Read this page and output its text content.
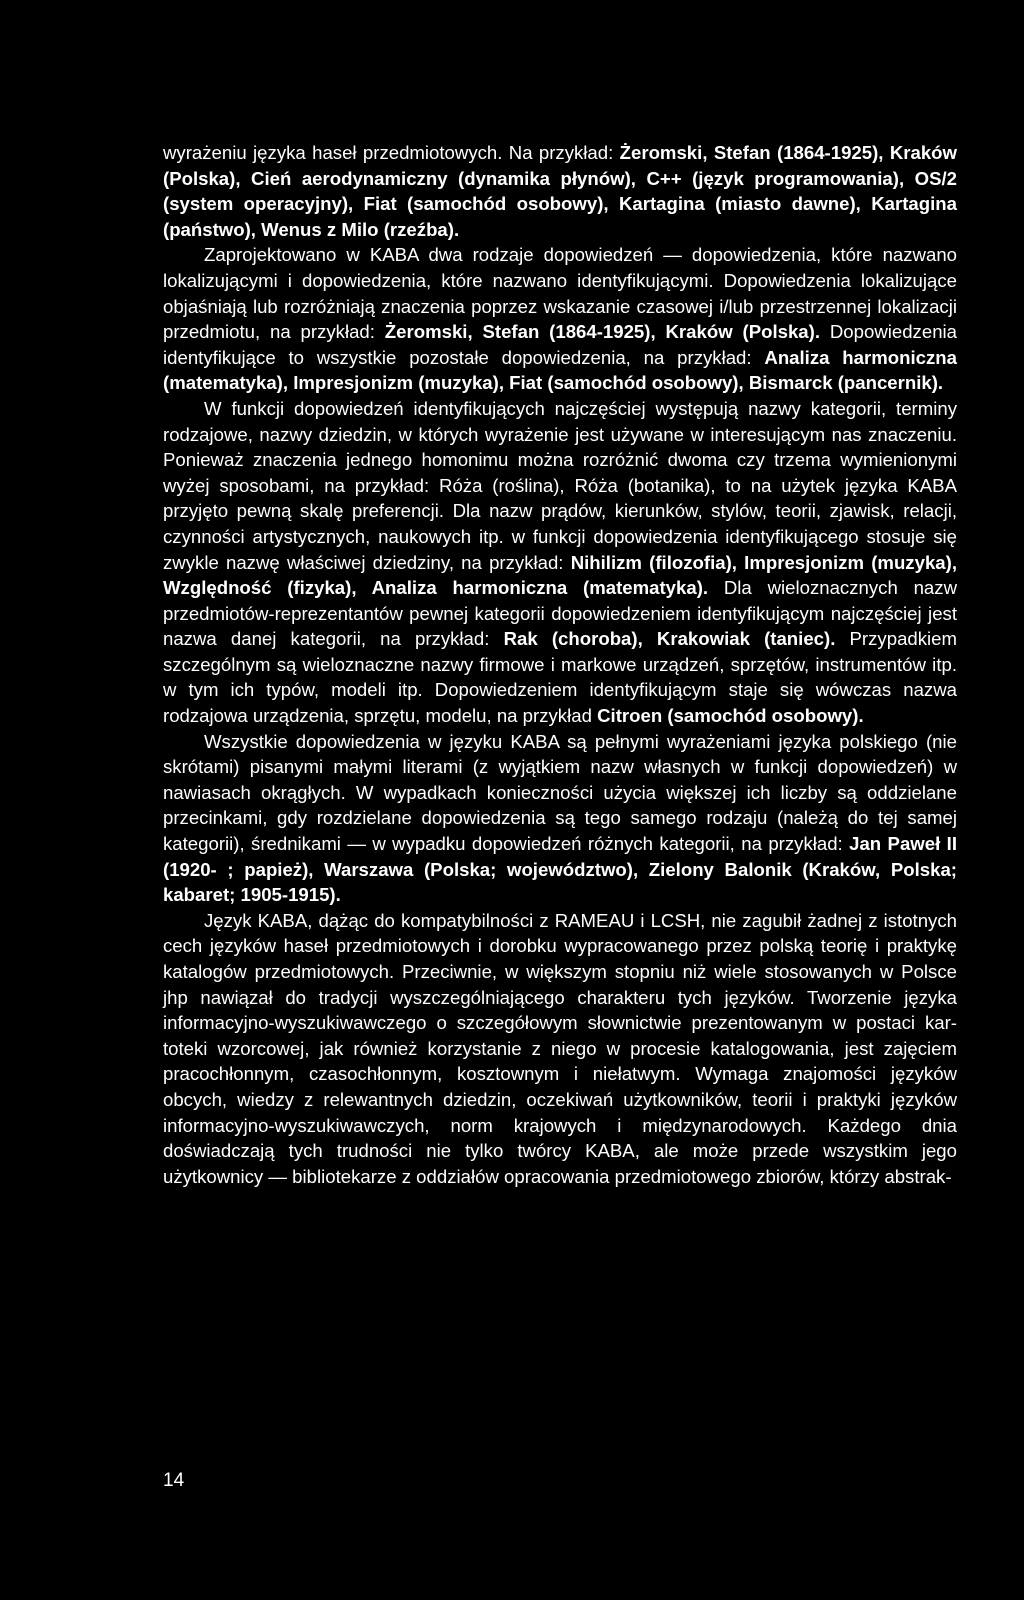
wyrażeniu języka haseł przedmiotowych. Na przykład: Żeromski, Stefan (1864-1925), Kraków (Polska), Cień aerodynamiczny (dynamika płynów), C++ (język programowania), OS/2 (system operacyjny), Fiat (samochód osobowy), Kartagina (miasto dawne), Kartagina (państwo), Wenus z Milo (rzeźba).

Zaprojektowano w KABA dwa rodzaje dopowiedzeń — dopowiedzenia, które nazwano lokalizującymi i dopowiedzenia, które nazwano identyfikującymi. Dopowiedzenia lokalizujące objaśniają lub rozróżniają znaczenia poprzez wskazanie czasowej i/lub przestrzennej lokalizacji przedmiotu, na przykład: Żeromski, Stefan (1864-1925), Kraków (Polska). Dopowiedzenia identyfikujące to wszystkie pozostałe dopowiedzenia, na przykład: Analiza harmoniczna (matematyka), Impresjonizm (muzyka), Fiat (samochód osobowy), Bismarck (pancernik).

W funkcji dopowiedzeń identyfikujących najczęściej występują nazwy kategorii, terminy rodzajowe, nazwy dziedzin, w których wyrażenie jest używane w interesującym nas znaczeniu. Ponieważ znaczenia jednego homonimu można rozróżnić dwoma czy trzema wymienionymi wyżej sposobami, na przykład: Róża (roślina), Róża (botanika), to na użytek języka KABA przyjęto pewną skalę preferencji. Dla nazw prądów, kierunków, stylów, teorii, zjawisk, relacji, czynności artystycznych, naukowych itp. w funkcji dopowiedzenia identyfikującego stosuje się zwykle nazwę właściwej dziedziny, na przykład: Nihilizm (filozofia), Impresjonizm (muzyka), Względność (fizyka), Analiza harmoniczna (matematyka). Dla wieloznacznych nazw przedmiotów-reprezentantów pewnej kategorii dopowiedzeniem identyfikującym najczęściej jest nazwa danej kategorii, na przykład: Rak (choroba), Krakowiak (taniec). Przypadkiem szczególnym są wieloznaczne nazwy firmowe i markowe urządzeń, sprzętów, instrumentów itp. w tym ich typów, modeli itp. Dopowiedzeniem identyfikującym staje się wówczas nazwa rodzajowa urządzenia, sprzętu, modelu, na przykład Citroen (samochód osobowy).

Wszystkie dopowiedzenia w języku KABA są pełnymi wyrażeniami języka polskiego (nie skrótami) pisanymi małymi literami (z wyjątkiem nazw własnych w funkcji dopowiedzeń) w nawiasach okrągłych. W wypadkach konieczności użycia większej ich liczby są oddzielane przecinkami, gdy rozdzielane dopowiedzenia są tego samego rodzaju (należą do tej samej kategorii), średnikami — w wypadku dopowiedzeń różnych kategorii, na przykład: Jan Paweł II (1920- ; papież), Warszawa (Polska; województwo), Zielony Balonik (Kraków, Polska; kabaret; 1905-1915).

Język KABA, dążąc do kompatybilności z RAMEAU i LCSH, nie zagubił żadnej z istotnych cech języków haseł przedmiotowych i dorobku wypracowanego przez polską teorię i praktykę katalogów przedmiotowych. Przeciwnie, w większym stopniu niż wiele stosowanych w Polsce jhp nawiązał do tradycji wyszczególniającego charakteru tych języków. Tworzenie języka informacyjno-wyszukiwawczego o szczegółowym słownictwie prezentowanym w postaci kartoteki wzorcowej, jak również korzystanie z niego w procesie katalogowania, jest zajęciem pracochłonnym, czasochłonnym, kosztownym i niełatwym. Wymaga znajomości języków obcych, wiedzy z relewantnych dziedzin, oczekiwań użytkowników, teorii i praktyki języków informacyjno-wyszukiwawczych, norm krajowych i międzynarodowych. Każdego dnia doświadczają tych trudności nie tylko twórcy KABA, ale może przede wszystkim jego użytkownicy — bibliotekarze z oddziałów opracowania przedmiotowego zbiorów, którzy abstrak-

14
